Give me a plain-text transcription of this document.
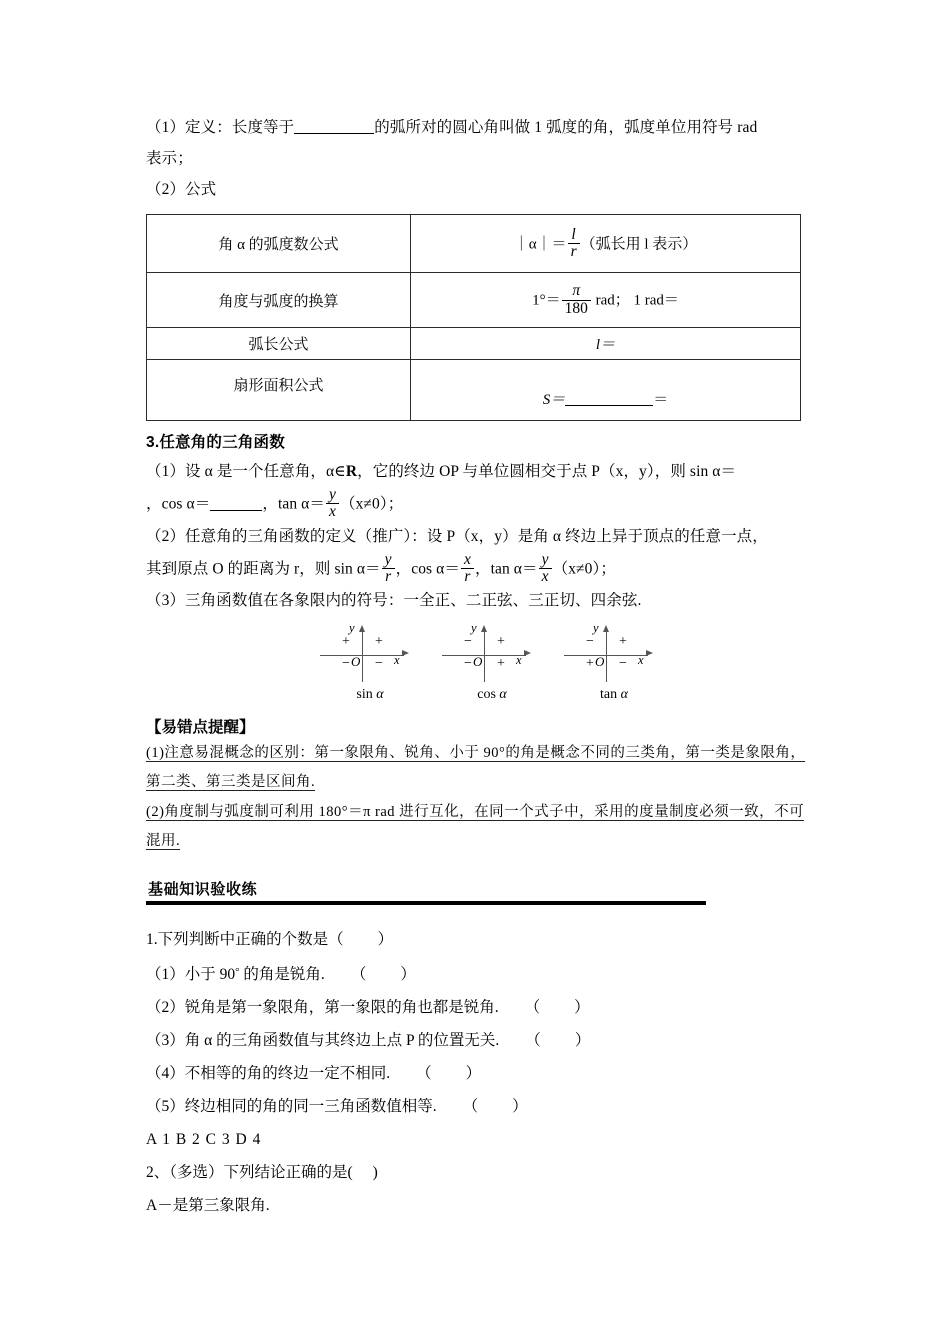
（1）定义：长度等于	的弧所对的圆心角叫做 1 弧度的角，弧度单位用符号 rad
表示；
（2）公式
角 α 的弧度数公式	｜α｜＝ $\frac{l}{r}$ （弧长用 l 表示）
角度与弧度的换算	$1^\circ= \frac{\pi}{180}$ rad； 1 rad＝
弧长公式	l＝

扇形面积公式	S＝ ＝
3.任意角的三角函数
（1）设 α 是一个任意角，α∈R，它的终边 OP 与单位圆相交于点 P（x，y），则 sin α＝
，cos α＝	，$\tan \alpha= \frac{y}{x} (x\ne 0)$；
（2）任意角的三角函数的定义（推广）：设 P（x，y）是角 α 终边上异于顶点的任意一点，
其到原点 O 的距离为 r，则 $\sin \alpha= \frac{y}{r}$ ，$\cos \alpha= \frac{x}{r}$ ，$\tan \alpha= \frac{y}{x} (x\ne 0)$；
（3）三角函数值在各象限内的符号：一全正、二正弦、三正切、四余弦.
y
x
O
+
+
− −
sin α
y
x
O
+
−
− +
cos α
y
x
O
+
−
+ −
tan α
【易错点提醒】
(1)注意易混概念的区别：第一象限角、锐角、小于 90°的角是概念不同的三类角，第一类是象限角，第二类、第三类是区间角.
(2)角度制与弧度制可利用 180°＝π rad 进行互化，在同一个式子中，采用的度量制度必须一致，不可混用.
基础知识验收练
1.下列判断中正确的个数是（ ）
（1）小于 90° 的角是锐角. （ ）
（2）锐角是第一象限角，第一象限的角也都是锐角. （ ）
（3）角 α 的三角函数值与其终边上点 P 的位置无关. （ ）
（4）不相等的角的终边一定不相同. （ ）
（5）终边相同的角的同一三角函数值相等. （ ）
A 1 B 2 C 3 D 4
2、（多选）下列结论正确的是( )
A－是第三象限角.
